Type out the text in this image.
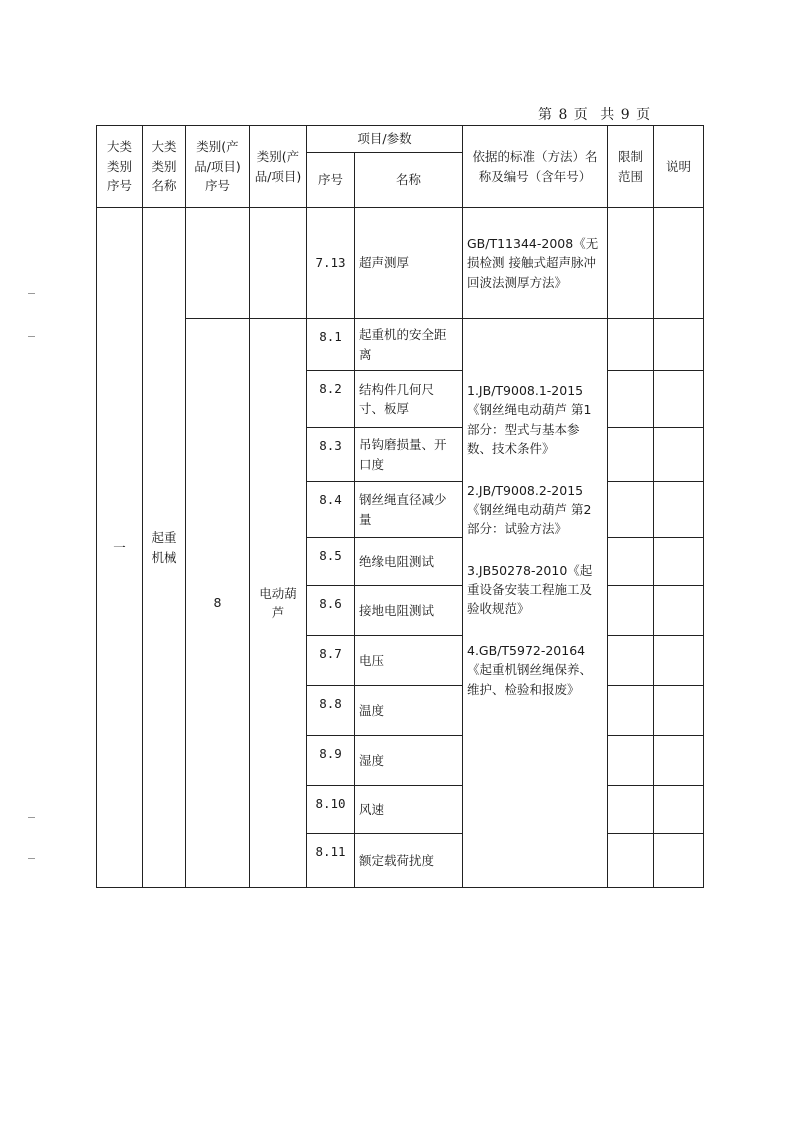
第 8 页 共 9 页
大类类别序号	大类类别名称	类别(产品/项目)序号	类别(产品/项目)	项目/参数		依据的标准（方法）名称及编号（含年号）	限制范围	说明
				序号	名称			
一	起重机械			7.13	超声测厚	GB/T11344-2008《无损检测 接触式超声脉冲回波法测厚方法》		
		8	电动葫芦	8.1	起重机的安全距离	1.JB/T9008.1-2015《钢丝绳电动葫芦 第1部分：型式与基本参数、技术条件》
2.JB/T9008.2-2015《钢丝绳电动葫芦 第2部分：试验方法》
3.JB50278-2010《起重设备安装工程施工及验收规范》
4.GB/T5972-20164《起重机钢丝绳保养、维护、检验和报废》		

				8.2	结构件几何尺寸、板厚			
				8.3	吊钩磨损量、开口度			
				8.4	钢丝绳直径减少量			
				8.5	绝缘电阻测试			
				8.6	接地电阻测试			
				8.7	电压			
				8.8	温度			
				8.9	湿度			
				8.10	风速			
				8.11	额定载荷扰度			
